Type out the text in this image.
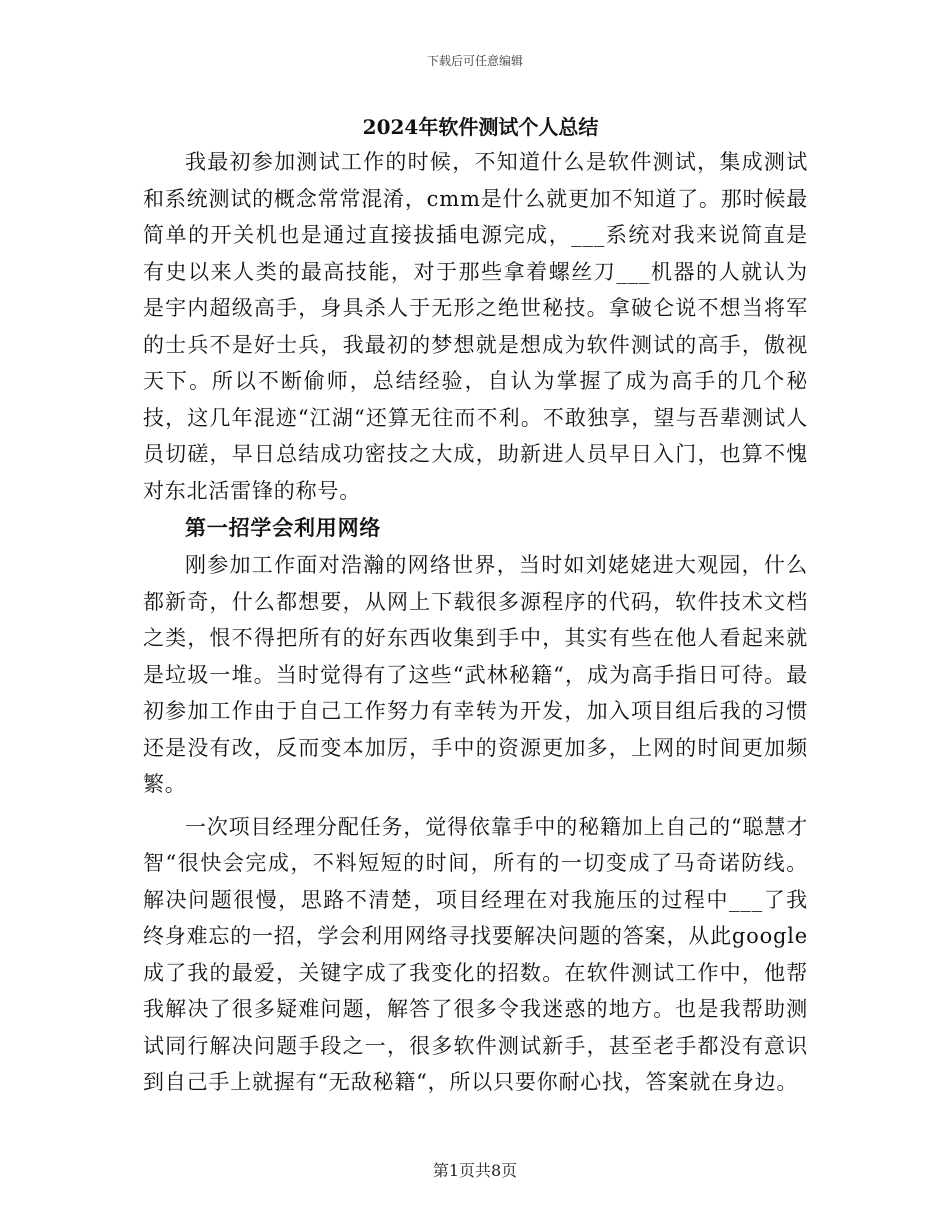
下载后可任意编辑
2024年软件测试个人总结

我最初参加测试工作的时候，不知道什么是软件测试，集成测试和系统测试的概念常常混淆，cmm是什么就更加不知道了。那时候最简单的开关机也是通过直接拔插电源完成，___系统对我来说简直是有史以来人类的最高技能，对于那些拿着螺丝刀___机器的人就认为是宇内超级高手，身具杀人于无形之绝世秘技。拿破仑说不想当将军的士兵不是好士兵，我最初的梦想就是想成为软件测试的高手，傲视天下。所以不断偷师，总结经验，自认为掌握了成为高手的几个秘技，这几年混迹“江湖“还算无往而不利。不敢独享，望与吾辈测试人员切磋，早日总结成功密技之大成，助新进人员早日入门，也算不愧对东北活雷锋的称号。

第一招学会利用网络

刚参加工作面对浩瀚的网络世界，当时如刘姥姥进大观园，什么都新奇，什么都想要，从网上下载很多源程序的代码，软件技术文档之类，恨不得把所有的好东西收集到手中，其实有些在他人看起来就是垃圾一堆。当时觉得有了这些“武林秘籍“，成为高手指日可待。最初参加工作由于自己工作努力有幸转为开发，加入项目组后我的习惯还是没有改，反而变本加厉，手中的资源更加多，上网的时间更加频繁。

一次项目经理分配任务，觉得依靠手中的秘籍加上自己的“聪慧才智“很快会完成，不料短短的时间，所有的一切变成了马奇诺防线。解决问题很慢，思路不清楚，项目经理在对我施压的过程中___了我终身难忘的一招，学会利用网络寻找要解决问题的答案，从此google成了我的最爱，关键字成了我变化的招数。在软件测试工作中，他帮我解决了很多疑难问题，解答了很多令我迷惑的地方。也是我帮助测试同行解决问题手段之一，很多软件测试新手，甚至老手都没有意识到自己手上就握有“无敌秘籍“，所以只要你耐心找，答案就在身边。

第1页共8页
